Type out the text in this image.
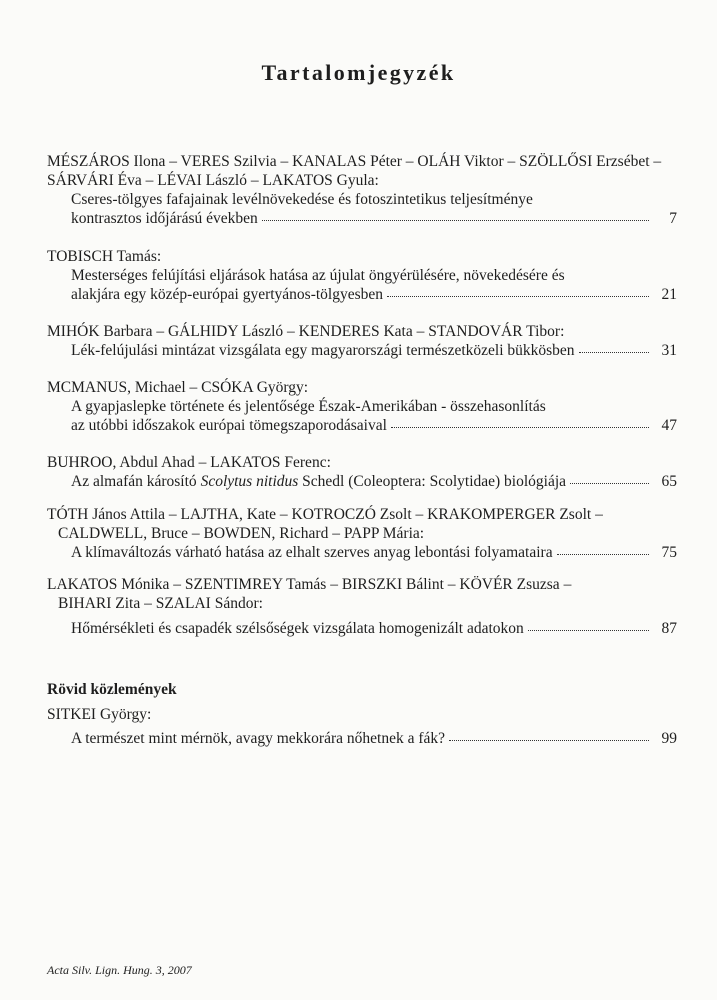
Tartalomjegyzék
MÉSZÁROS Ilona – VERES Szilvia – KANALAS Péter – OLÁH Viktor – SZÖLLŐSI Erzsébet –
SÁRVÁRI Éva – LÉVAI László – LAKATOS Gyula:
Cseres-tölgyes fafajainak levélnövekedése és fotoszintetikus teljesítménye
kontrasztos időjárású években	7
TOBISCH Tamás:
Mesterséges felújítási eljárások hatása az újulat öngyérülésére, növekedésére és
alakjára egy közép-európai gyertyános-tölgyesben	21
MIHÓK Barbara – GÁLHIDY László – KENDERES Kata – STANDOVÁR Tibor:
Lék-felújulási mintázat vizsgálata egy magyarországi természetközeli bükkösben	31
MCMANUS, Michael – CSÓKA György:
A gyapjaslepke története és jelentősége Észak-Amerikában - összehasonlítás
az utóbbi időszakok európai tömegszaporodásaival	47
BUHROO, Abdul Ahad – LAKATOS Ferenc:
Az almafán károsító Scolytus nitidus Schedl (Coleoptera: Scolytidae) biológiája	65
TÓTH János Attila – LAJTHA, Kate – KOTROCZÓ Zsolt – KRAKOMPERGER Zsolt –
CALDWELL, Bruce – BOWDEN, Richard – PAPP Mária:
A klímaváltozás várható hatása az elhalt szerves anyag lebontási folyamataira	75
LAKATOS Mónika – SZENTIMREY Tamás – BIRSZKI Bálint – KÖVÉR Zsuzsa –
BIHARI Zita – SZALAI Sándor:
Hőmérsékleti és csapadék szélsőségek vizsgálata homogenizált adatokon	87
Rövid közlemények
SITKEI György:
A természet mint mérnök, avagy mekkorára nőhetnek a fák?	99
Acta Silv. Lign. Hung. 3, 2007
